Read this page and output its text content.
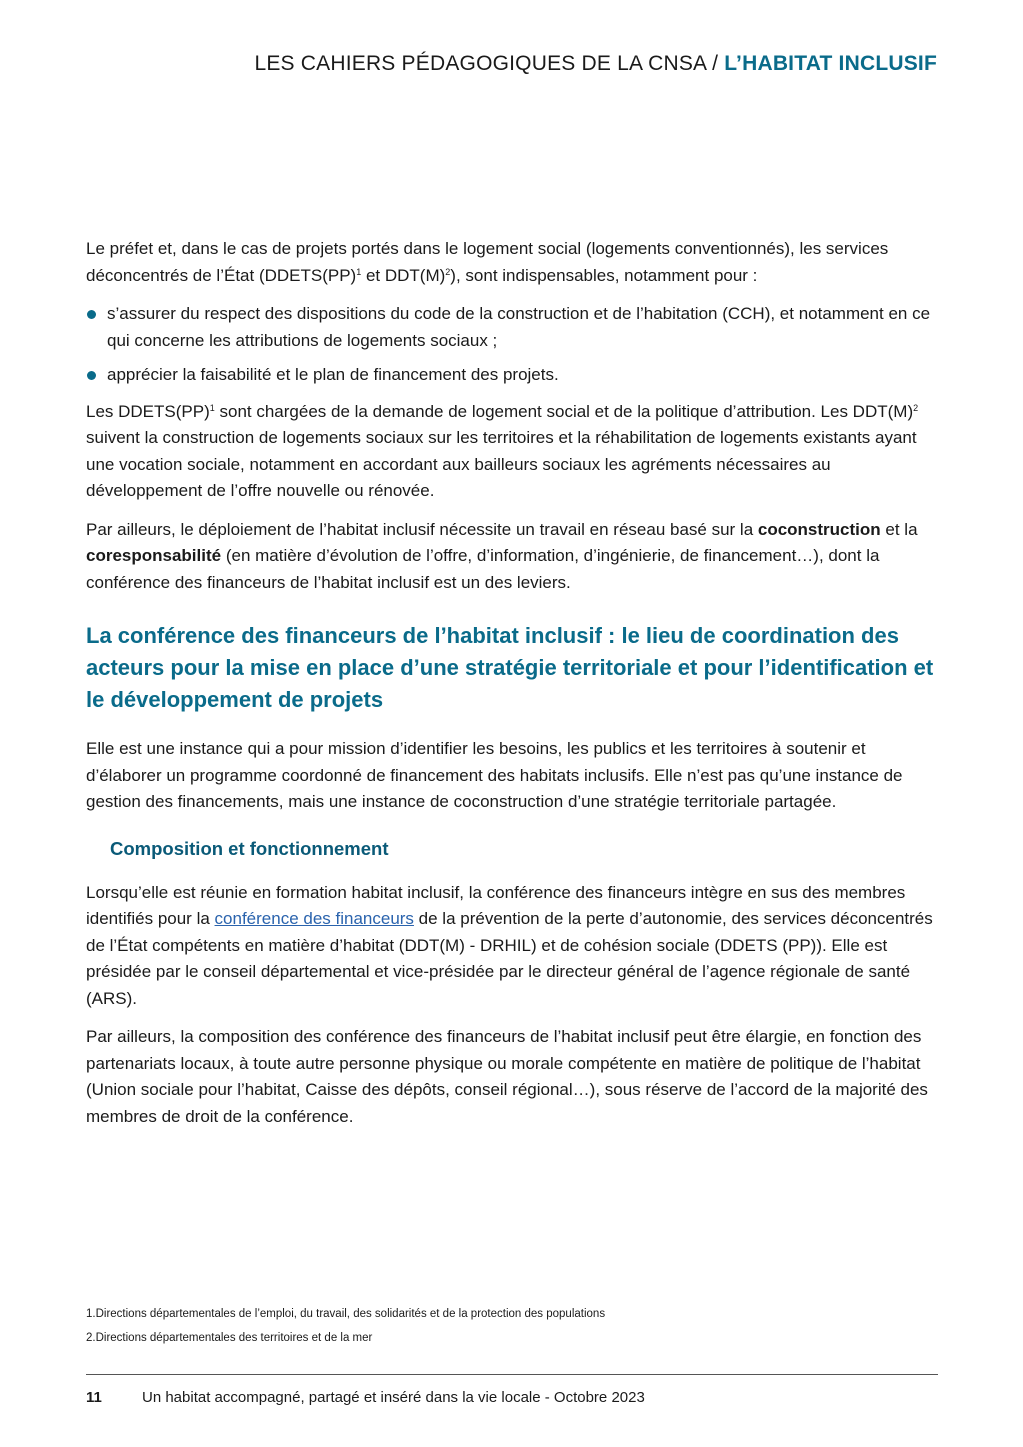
LES CAHIERS PÉDAGOGIQUES DE LA CNSA / L’HABITAT INCLUSIF

Le préfet et, dans le cas de projets portés dans le logement social (logements conventionnés), les services déconcentrés de l’État (DDETS(PP)$^1$ et $DDT(M)^2$), sont indispensables, notamment pour :

s’assurer du respect des dispositions du code de la construction et de l’habitation (CCH), et notamment en ce qui concerne les attributions de logements sociaux ;
apprécier la faisabilité et le plan de financement des projets.

Les DDETS(PP)$^1$ sont chargées de la demande de logement social et de la politique d’attribution. Les $DDT(M)^2$ suivent la construction de logements sociaux sur les territoires et la réhabilitation de logements existants ayant une vocation sociale, notamment en accordant aux bailleurs sociaux les agréments nécessaires au développement de l’offre nouvelle ou rénovée.

Par ailleurs, le déploiement de l’habitat inclusif nécessite un travail en réseau basé sur la coconstruction et la coresponsabilité (en matière d’évolution de l’offre, d’information, d’ingénierie, de financement…), dont la conférence des financeurs de l’habitat inclusif est un des leviers.

La conférence des financeurs de l’habitat inclusif : le lieu de coordination des acteurs pour la mise en place d’une stratégie territoriale et pour l’identification et le développement de projets

Elle est une instance qui a pour mission d’identifier les besoins, les publics et les territoires à soutenir et d’élaborer un programme coordonné de financement des habitats inclusifs. Elle n’est pas qu’une instance de gestion des financements, mais une instance de coconstruction d’une stratégie territoriale partagée.

Composition et fonctionnement

Lorsqu’elle est réunie en formation habitat inclusif, la conférence des financeurs intègre en sus des membres identifiés pour la conférence des financeurs de la prévention de la perte d’autonomie, des services déconcentrés de l’État compétents en matière d’habitat (DDT(M) - DRHIL) et de cohésion sociale (DDETS (PP)). Elle est présidée par le conseil départemental et vice-présidée par le directeur général de l’agence régionale de santé (ARS).

Par ailleurs, la composition des conférence des financeurs de l’habitat inclusif peut être élargie, en fonction des partenariats locaux, à toute autre personne physique ou morale compétente en matière de politique de l’habitat (Union sociale pour l’habitat, Caisse des dépôts, conseil régional…), sous réserve de l’accord de la majorité des membres de droit de la conférence.

1.Directions départementales de l’emploi, du travail, des solidarités et de la protection des populations
2.Directions départementales des territoires et de la mer
11	Un habitat accompagné, partagé et inséré dans la vie locale - Octobre 2023
